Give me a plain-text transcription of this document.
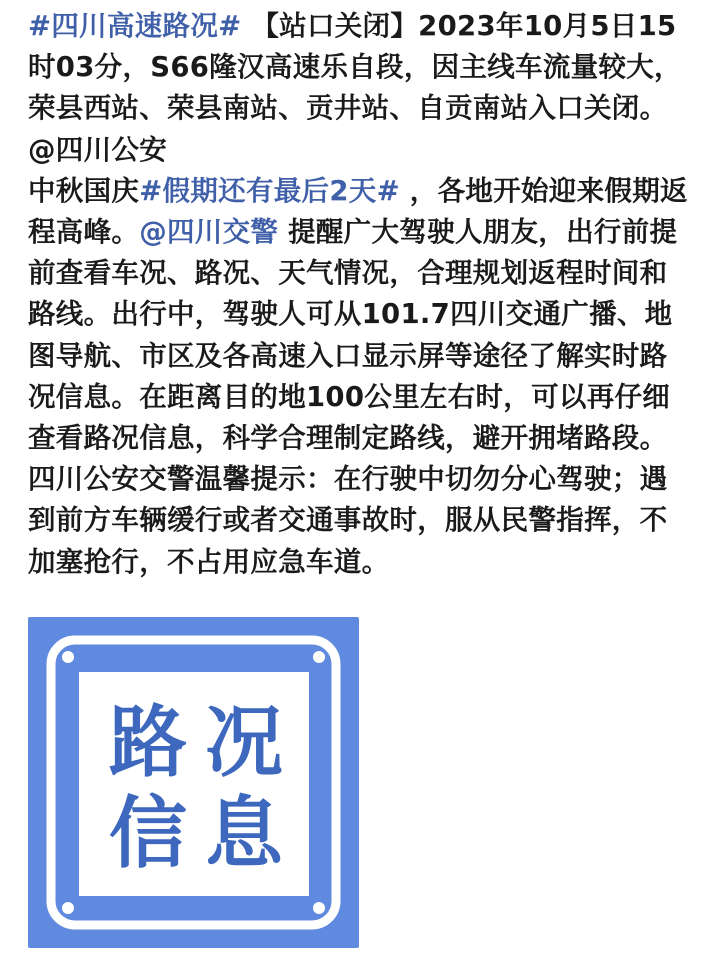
#四川高速路况# 【站口关闭】2023年10月5日15时03分，S66隆汉高速乐自段，因主线车流量较大，荣县西站、荣县南站、贡井站、自贡南站入口关闭。 @四川公安

中秋国庆#假期还有最后2天# ，各地开始迎来假期返程高峰。@四川交警 提醒广大驾驶人朋友，出行前提前查看车况、路况、天气情况，合理规划返程时间和路线。出行中，驾驶人可从101.7四川交通广播、地图导航、市区及各高速入口显示屏等途径了解实时路况信息。在距离目的地100公里左右时，可以再仔细查看路况信息，科学合理制定路线，避开拥堵路段。四川公安交警温馨提示：在行驶中切勿分心驾驶；遇到前方车辆缓行或者交通事故时，服从民警指挥，不加塞抢行，不占用应急车道。

路 况
信 息
